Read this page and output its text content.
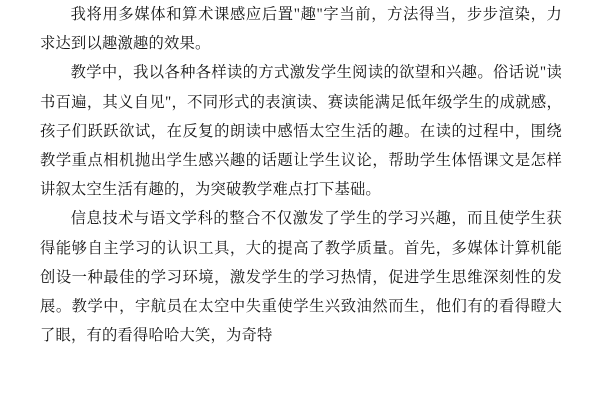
我将用多媒体和算术课感应后置"趣"字当前，方法得当，步步渲染，力求达到以趣激趣的效果。

教学中，我以各种各样读的方式激发学生阅读的欲望和兴趣。俗话说"读书百遍，其义自见"，不同形式的表演读、赛读能满足低年级学生的成就感，孩子们跃跃欲试，在反复的朗读中感悟太空生活的趣。在读的过程中，围绕教学重点相机抛出学生感兴趣的话题让学生议论，帮助学生体悟课文是怎样讲叙太空生活有趣的，为突破教学难点打下基础。

信息技术与语文学科的整合不仅激发了学生的学习兴趣，而且使学生获得能够自主学习的认识工具，大的提高了教学质量。首先，多媒体计算机能创设一种最佳的学习环境，激发学生的学习热情，促进学生思维深刻性的发展。教学中，宇航员在太空中失重使学生兴致油然而生，他们有的看得瞪大了眼，有的看得哈哈大笑，为奇特
